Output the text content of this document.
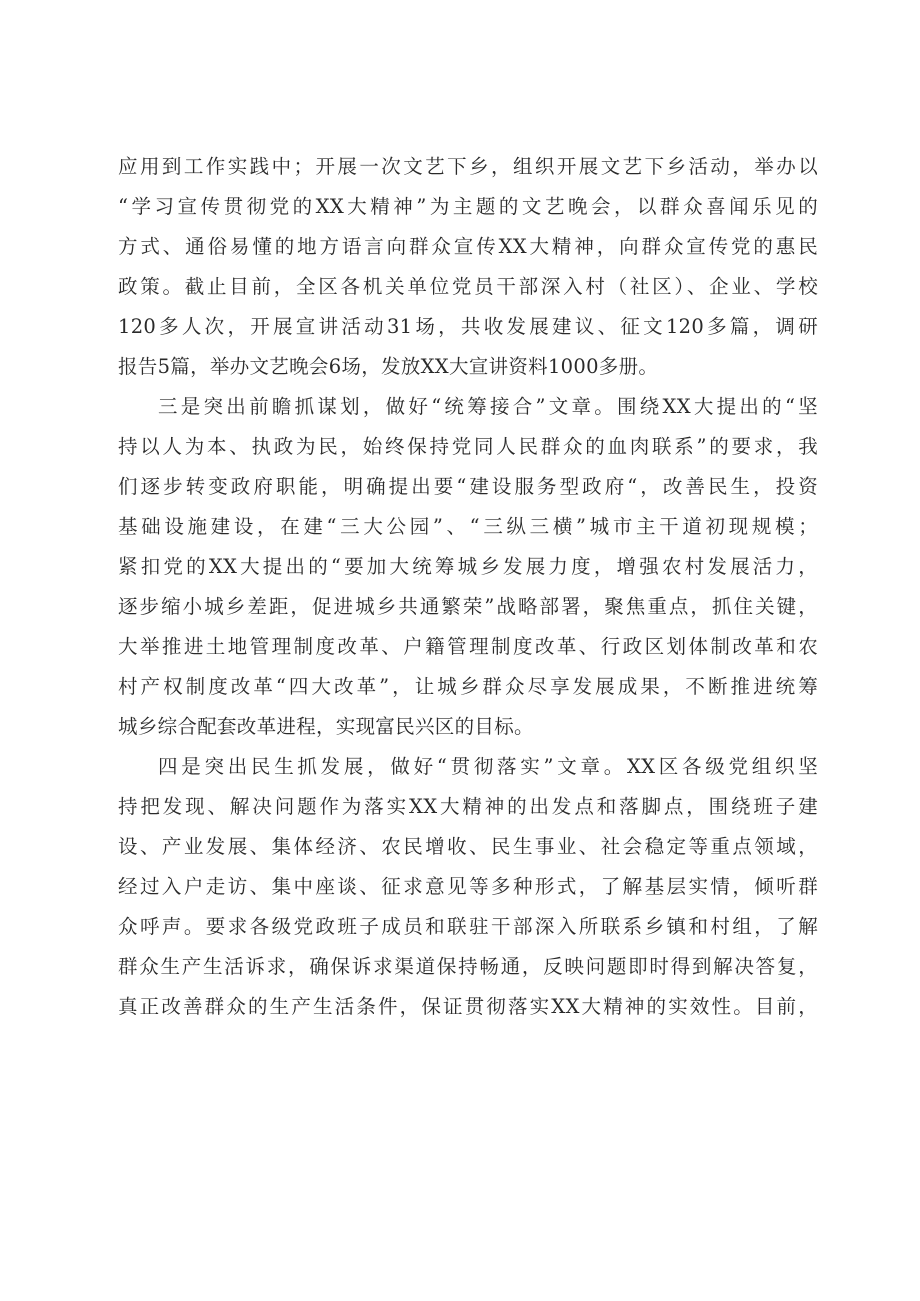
应用到工作实践中；开展一次文艺下乡，组织开展文艺下乡活动，举办以
“学习宣传贯彻党的XX大精神”为主题的文艺晚会，以群众喜闻乐见的
方式、通俗易懂的地方语言向群众宣传XX大精神，向群众宣传党的惠民
政策。截止目前，全区各机关单位党员干部深入村（社区）、企业、学校
120多人次，开展宣讲活动31场，共收发展建议、征文120多篇，调研
报告5篇，举办文艺晚会6场，发放XX大宣讲资料1000多册。
三是突出前瞻抓谋划，做好“统筹接合”文章。围绕XX大提出的“坚
持以人为本、执政为民，始终保持党同人民群众的血肉联系”的要求，我
们逐步转变政府职能，明确提出要“建设服务型政府“，改善民生，投资
基础设施建设，在建“三大公园”、“三纵三横”城市主干道初现规模；
紧扣党的XX大提出的“要加大统筹城乡发展力度，增强农村发展活力，
逐步缩小城乡差距，促进城乡共通繁荣”战略部署，聚焦重点，抓住关键，
大举推进土地管理制度改革、户籍管理制度改革、行政区划体制改革和农
村产权制度改革“四大改革”，让城乡群众尽享发展成果，不断推进统筹
城乡综合配套改革进程，实现富民兴区的目标。
四是突出民生抓发展，做好“贯彻落实”文章。XX区各级党组织坚
持把发现、解决问题作为落实XX大精神的出发点和落脚点，围绕班子建
设、产业发展、集体经济、农民增收、民生事业、社会稳定等重点领域，
经过入户走访、集中座谈、征求意见等多种形式，了解基层实情，倾听群
众呼声。要求各级党政班子成员和联驻干部深入所联系乡镇和村组，了解
群众生产生活诉求，确保诉求渠道保持畅通，反映问题即时得到解决答复，
真正改善群众的生产生活条件，保证贯彻落实XX大精神的实效性。目前，
